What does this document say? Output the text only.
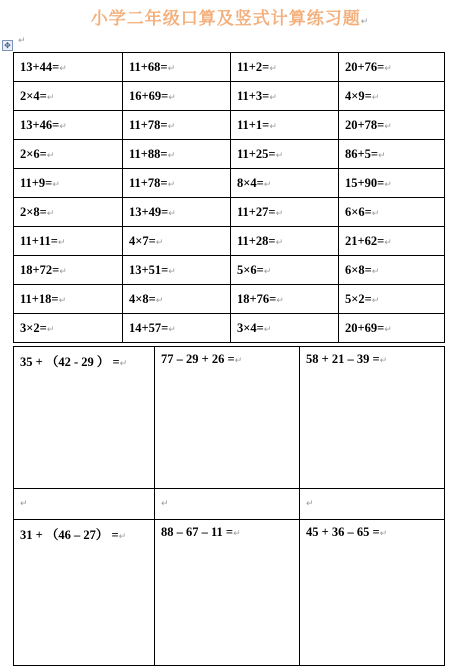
小学二年级口算及竖式计算练习题↵
✥ ↵
13+44=↵	11+68=↵	11+2=↵	20+76=↵
2×4=↵	16+69=↵	11+3=↵	4×9=↵
13+46=↵	11+78=↵	11+1=↵	20+78=↵
2×6=↵	11+88=↵	11+25=↵	86+5=↵
11+9=↵	11+78=↵	8×4=↵	15+90=↵
2×8=↵	13+49=↵	11+27=↵	6×6=↵
11+11=↵	4×7=↵	11+28=↵	21+62=↵
18+72=↵	13+51=↵	5×6=↵	6×8=↵
11+18=↵	4×8=↵	18+76=↵	5×2=↵
3×2=↵	14+57=↵	3×4=↵	20+69=↵
35 + （42 - 29 ） =↵	77 – 29 + 26 =↵	58 + 21 – 39 =↵
↵	↵	↵
31 + （46 – 27） =↵	88 – 67 – 11 =↵	45 + 36 – 65 =↵
